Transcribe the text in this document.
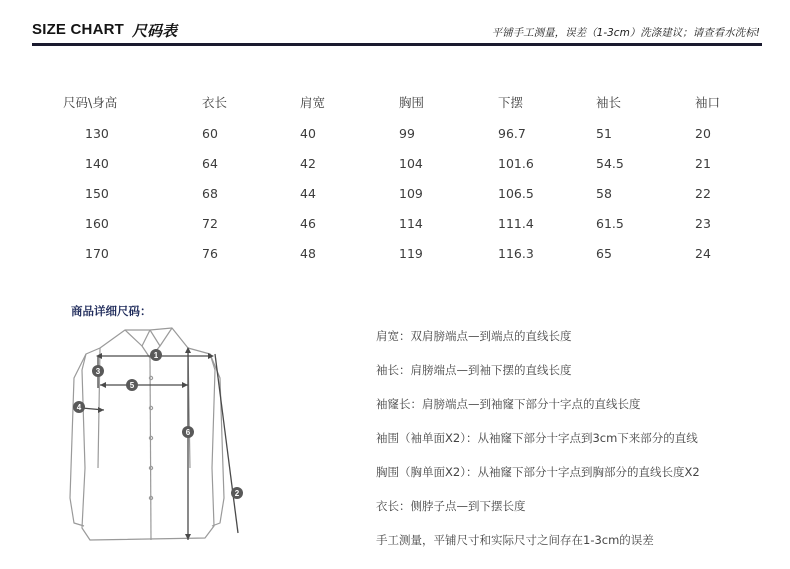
SIZE CHART 尺码表	平铺手工测量，误差（1-3cm）洗涤建议；请查看水洗标!
尺码\身高	衣长	肩宽	胸围	下摆	袖长	袖口
130	60	40	99	96.7	51	20
140	64	42	104	101.6	54.5	21
150	68	44	109	106.5	58	22
160	72	46	114	111.4	61.5	23
170	76	48	119	116.3	65	24
商品详细尺码：
1
2
3
4
5
6
肩宽：双肩膀端点—到端点的直线长度
袖长：肩膀端点—到袖下摆的直线长度
袖窿长：肩膀端点—到袖窿下部分十字点的直线长度
袖围（袖单面X2）：从袖窿下部分十字点到3cm下来部分的直线
胸围（胸单面X2）：从袖窿下部分十字点到胸部分的直线长度X2
衣长：侧脖子点—到下摆长度
手工测量，平铺尺寸和实际尺寸之间存在1-3cm的误差
